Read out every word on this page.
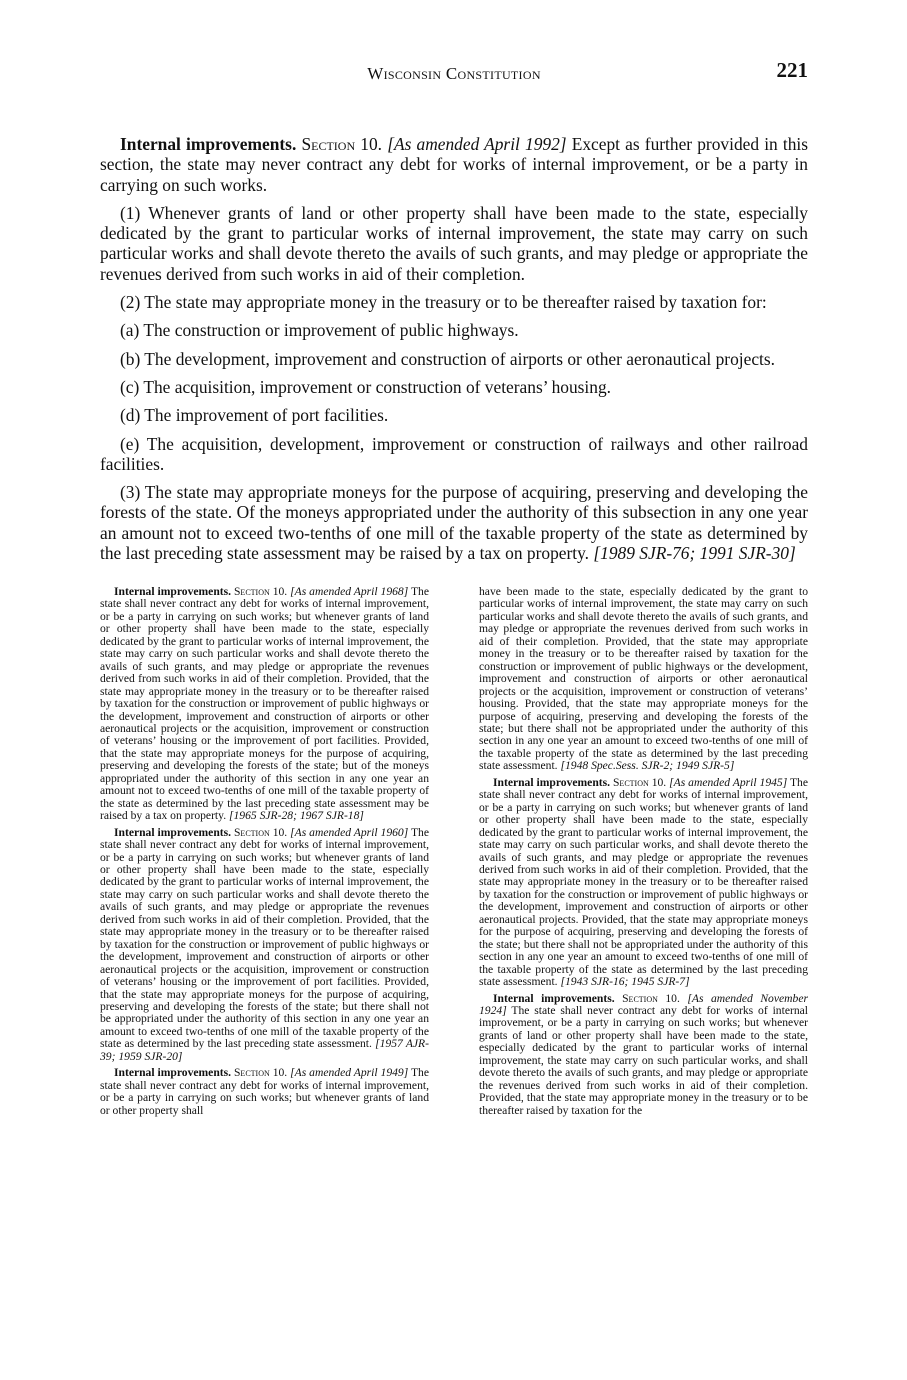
Wisconsin Constitution	221

Internal improvements. Section 10. [As amended April 1992] Except as further provided in this section, the state may never contract any debt for works of internal improvement, or be a party in carrying on such works.

(1) Whenever grants of land or other property shall have been made to the state, especially dedicated by the grant to particular works of internal improvement, the state may carry on such particular works and shall devote thereto the avails of such grants, and may pledge or appropriate the revenues derived from such works in aid of their completion.

(2) The state may appropriate money in the treasury or to be thereafter raised by taxation for:

(a) The construction or improvement of public highways.

(b) The development, improvement and construction of airports or other aeronautical projects.

(c) The acquisition, improvement or construction of veterans’ housing.

(d) The improvement of port facilities.

(e) The acquisition, development, improvement or construction of railways and other railroad facilities.

(3) The state may appropriate moneys for the purpose of acquiring, preserving and developing the forests of the state. Of the moneys appropriated under the authority of this subsection in any one year an amount not to exceed two-tenths of one mill of the taxable property of the state as determined by the last preceding state assessment may be raised by a tax on property. [1989 SJR-76; 1991 SJR-30]

Internal improvements. Section 10. [As amended April 1968] The state shall never contract any debt for works of internal improvement, or be a party in carrying on such works; but whenever grants of land or other property shall have been made to the state, especially dedicated by the grant to particular works of internal improvement, the state may carry on such particular works and shall devote thereto the avails of such grants, and may pledge or appropriate the revenues derived from such works in aid of their completion. Provided, that the state may appropriate money in the treasury or to be thereafter raised by taxation for the construction or improvement of public highways or the development, improvement and construction of airports or other aeronautical projects or the acquisition, improvement or construction of veterans’ housing or the improvement of port facilities. Provided, that the state may appropriate moneys for the purpose of acquiring, preserving and developing the forests of the state; but of the moneys appropriated under the authority of this section in any one year an amount not to exceed two-tenths of one mill of the taxable property of the state as determined by the last preceding state assessment may be raised by a tax on property. [1965 SJR-28; 1967 SJR-18]

Internal improvements. Section 10. [As amended April 1960] The state shall never contract any debt for works of internal improvement, or be a party in carrying on such works; but whenever grants of land or other property shall have been made to the state, especially dedicated by the grant to particular works of internal improvement, the state may carry on such particular works and shall devote thereto the avails of such grants, and may pledge or appropriate the revenues derived from such works in aid of their completion. Provided, that the state may appropriate money in the treasury or to be thereafter raised by taxation for the construction or improvement of public highways or the development, improvement and construction of airports or other aeronautical projects or the acquisition, improvement or construction of veterans’ housing or the improvement of port facilities. Provided, that the state may appropriate moneys for the purpose of acquiring, preserving and developing the forests of the state; but there shall not be appropriated under the authority of this section in any one year an amount to exceed two-tenths of one mill of the taxable property of the state as determined by the last preceding state assessment. [1957 AJR-39; 1959 SJR-20]

Internal improvements. Section 10. [As amended April 1949] The state shall never contract any debt for works of internal improvement, or be a party in carrying on such works; but whenever grants of land or other property shall

have been made to the state, especially dedicated by the grant to particular works of internal improvement, the state may carry on such particular works and shall devote thereto the avails of such grants, and may pledge or appropriate the revenues derived from such works in aid of their completion. Provided, that the state may appropriate money in the treasury or to be thereafter raised by taxation for the construction or improvement of public highways or the development, improvement and construction of airports or other aeronautical projects or the acquisition, improvement or construction of veterans’ housing. Provided, that the state may appropriate moneys for the purpose of acquiring, preserving and developing the forests of the state; but there shall not be appropriated under the authority of this section in any one year an amount to exceed two-tenths of one mill of the taxable property of the state as determined by the last preceding state assessment. [1948 Spec.Sess. SJR-2; 1949 SJR-5]

Internal improvements. Section 10. [As amended April 1945] The state shall never contract any debt for works of internal improvement, or be a party in carrying on such works; but whenever grants of land or other property shall have been made to the state, especially dedicated by the grant to particular works of internal improvement, the state may carry on such particular works, and shall devote thereto the avails of such grants, and may pledge or appropriate the revenues derived from such works in aid of their completion. Provided, that the state may appropriate money in the treasury or to be thereafter raised by taxation for the construction or improvement of public highways or the development, improvement and construction of airports or other aeronautical projects. Provided, that the state may appropriate moneys for the purpose of acquiring, preserving and developing the forests of the state; but there shall not be appropriated under the authority of this section in any one year an amount to exceed two-tenths of one mill of the taxable property of the state as determined by the last preceding state assessment. [1943 SJR-16; 1945 SJR-7]

Internal improvements. Section 10. [As amended November 1924] The state shall never contract any debt for works of internal improvement, or be a party in carrying on such works; but whenever grants of land or other property shall have been made to the state, especially dedicated by the grant to particular works of internal improvement, the state may carry on such particular works, and shall devote thereto the avails of such grants, and may pledge or appropriate the revenues derived from such works in aid of their completion. Provided, that the state may appropriate money in the treasury or to be thereafter raised by taxation for the
